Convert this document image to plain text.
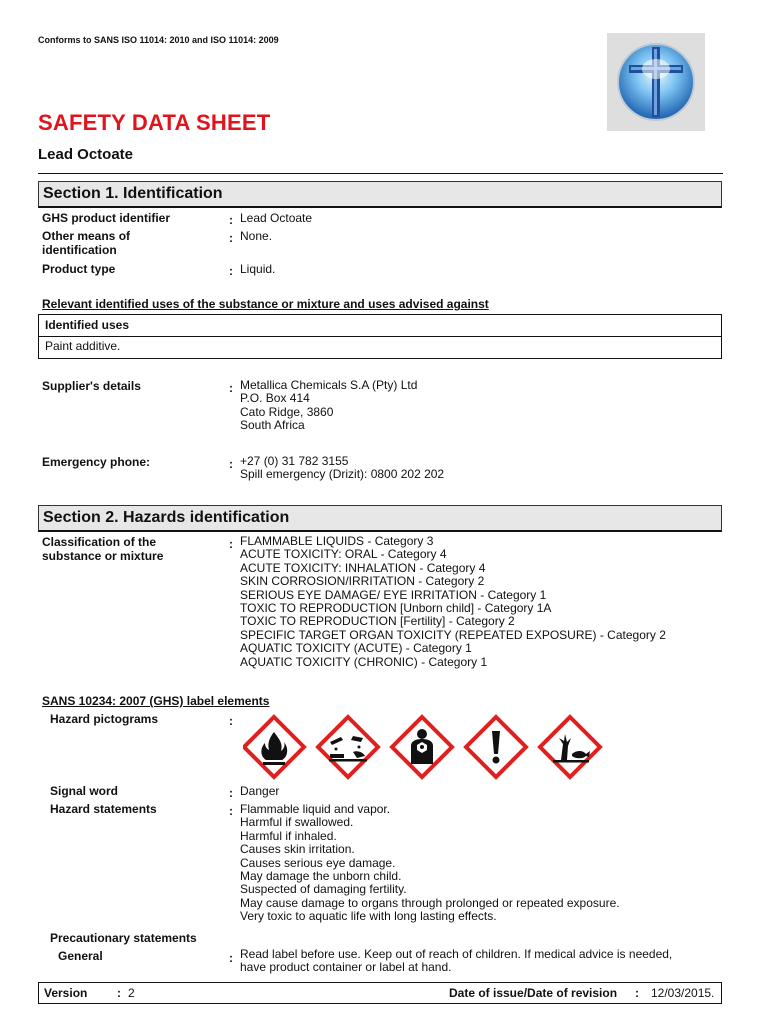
Conforms to SANS ISO 11014: 2010 and ISO 11014: 2009
SAFETY DATA SHEET
Lead Octoate
Section 1. Identification
GHS product identifier	: Lead Octoate
Other means of
identification
: None.
Product type	: Liquid.
Relevant identified uses of the substance or mixture and uses advised against
Identified uses
Paint additive.
Supplier's details	: Metallica Chemicals S.A (Pty) Ltd
P.O. Box 414
Cato Ridge, 3860
South Africa
Emergency phone:	: +27 (0) 31 782 3155
Spill emergency (Drizit): 0800 202 202
Section 2. Hazards identification
Classification of the
substance or mixture
: FLAMMABLE LIQUIDS - Category 3
ACUTE TOXICITY: ORAL - Category 4
ACUTE TOXICITY: INHALATION - Category 4
SKIN CORROSION/IRRITATION - Category 2
SERIOUS EYE DAMAGE/ EYE IRRITATION - Category 1
TOXIC TO REPRODUCTION [Unborn child] - Category 1A
TOXIC TO REPRODUCTION [Fertility] - Category 2
SPECIFIC TARGET ORGAN TOXICITY (REPEATED EXPOSURE) - Category 2
AQUATIC TOXICITY (ACUTE) - Category 1
AQUATIC TOXICITY (CHRONIC) - Category 1
SANS 10234: 2007 (GHS) label elements
Hazard pictograms	:
Signal word	: Danger
Hazard statements	: Flammable liquid and vapor.
Harmful if swallowed.
Harmful if inhaled.
Causes skin irritation.
Causes serious eye damage.
May damage the unborn child.
Suspected of damaging fertility.
May cause damage to organs through prolonged or repeated exposure.
Very toxic to aquatic life with long lasting effects.
Precautionary statements
General	: Read label before use. Keep out of reach of children. If medical advice is needed,
have product container or label at hand.
Version : 2	Date of issue/Date of revision : 12/03/2015.
